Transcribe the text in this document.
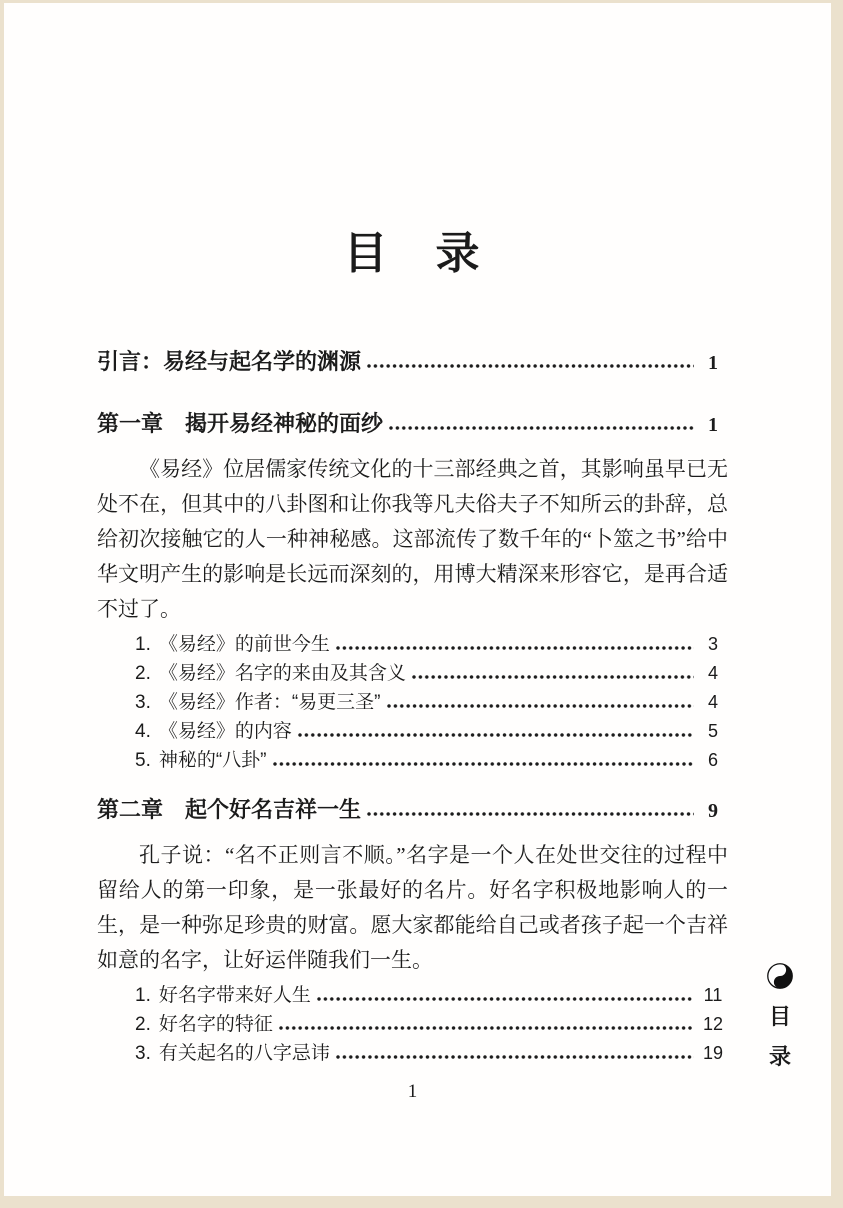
目　录
引言：易经与起名学的渊源	1
第一章　揭开易经神秘的面纱	1

《易经》位居儒家传统文化的十三部经典之首，其影响虽早已无处不在，但其中的八卦图和让你我等凡夫俗夫子不知所云的卦辞，总给初次接触它的人一种神秘感。这部流传了数千年的“卜筮之书”给中华文明产生的影响是长远而深刻的，用博大精深来形容它，是再合适不过了。

1. 《易经》的前世今生	3
2. 《易经》名字的来由及其含义	4
3. 《易经》作者：“易更三圣”	4
4. 《易经》的内容	5
5. 神秘的“八卦”	6
第二章　起个好名吉祥一生	9

孔子说：“名不正则言不顺。”名字是一个人在处世交往的过程中留给人的第一印象，是一张最好的名片。好名字积极地影响人的一生，是一种弥足珍贵的财富。愿大家都能给自己或者孩子起一个吉祥如意的名字，让好运伴随我们一生。

1. 好名字带来好人生	11
2. 好名字的特征	12
3. 有关起名的八字忌讳	19
目
录
1
